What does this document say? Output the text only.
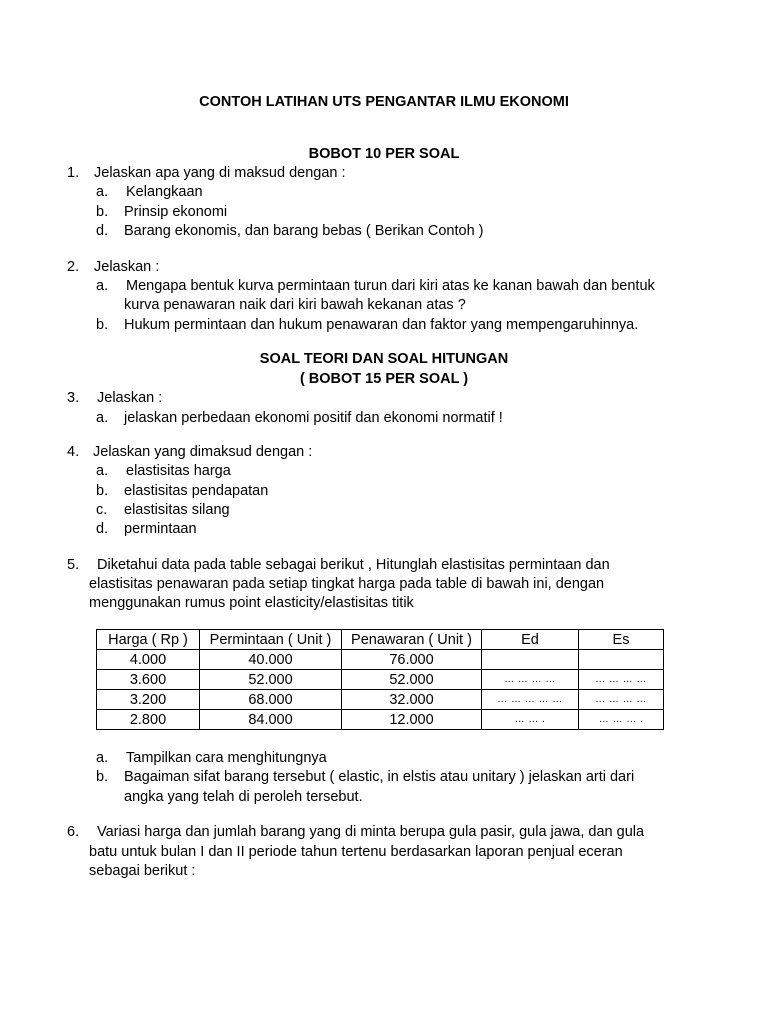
CONTOH LATIHAN UTS PENGANTAR ILMU EKONOMI
BOBOT 10 PER SOAL
1. Jelaskan apa yang di maksud dengan :
a. Kelangkaan
b. Prinsip ekonomi
d. Barang ekonomis, dan barang bebas ( Berikan Contoh )
2. Jelaskan :
a. Mengapa bentuk kurva permintaan turun dari kiri atas ke kanan bawah dan bentuk
kurva penawaran naik dari kiri bawah kekanan atas ?
b. Hukum permintaan dan hukum penawaran dan faktor yang mempengaruhinnya.
SOAL TEORI DAN SOAL HITUNGAN
( BOBOT 15 PER SOAL )
3. Jelaskan :
a. jelaskan perbedaan ekonomi positif dan ekonomi normatif !
4. Jelaskan yang dimaksud dengan :
a. elastisitas harga
b. elastisitas pendapatan
c. elastisitas silang
d. permintaan
5. Diketahui data pada table sebagai berikut , Hitunglah elastisitas permintaan dan
elastisitas penawaran pada setiap tingkat harga pada table di bawah ini, dengan
menggunakan rumus point elasticity/elastisitas titik
Harga ( Rp )	Permintaan ( Unit )	Penawaran ( Unit )	Ed	Es
4.000	40.000	76.000		
3.600	52.000	52.000	… … … …	… … … …
3.200	68.000	32.000	… … … … …	… … … …
2.800	84.000	12.000	… … .	… … … .
a. Tampilkan cara menghitungnya
b. Bagaiman sifat barang tersebut ( elastic, in elstis atau unitary ) jelaskan arti dari
angka yang telah di peroleh tersebut.
6. Variasi harga dan jumlah barang yang di minta berupa gula pasir, gula jawa, dan gula
batu untuk bulan I dan II periode tahun tertenu berdasarkan laporan penjual eceran
sebagai berikut :
